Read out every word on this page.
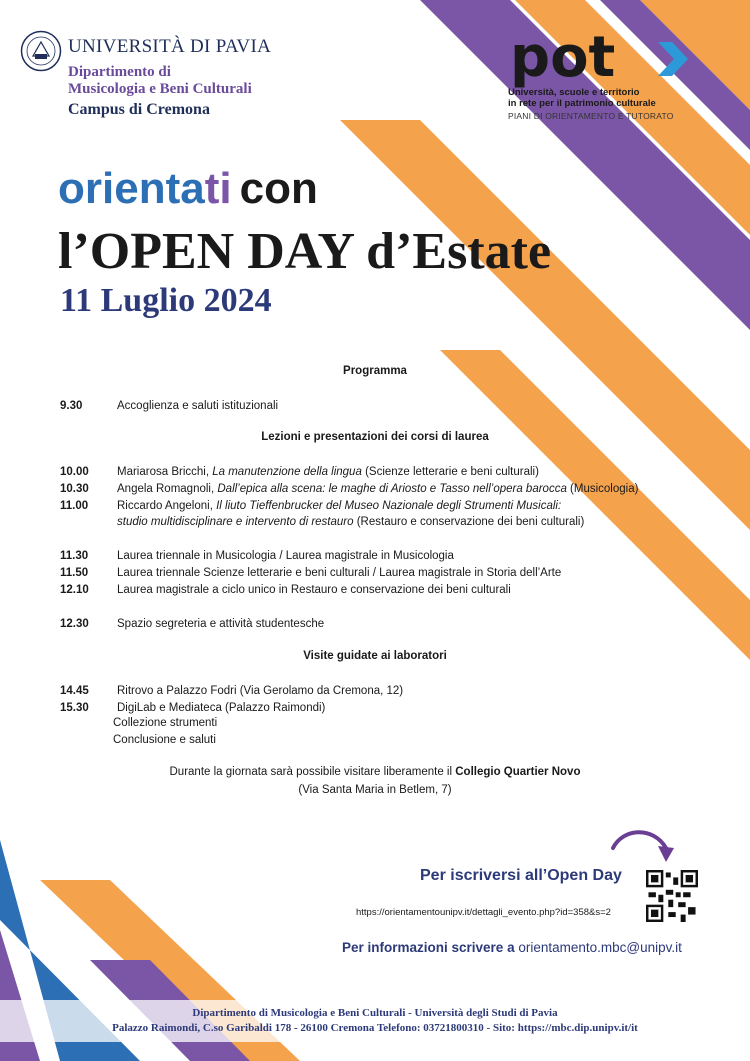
UNIVERSITÀ DI PAVIA
Dipartimento di
Musicologia e Beni Culturali
Campus di Cremona
pot
Università, scuole e territorio
in rete per il patrimonio culturale
PIANI DI ORIENTAMENTO E TUTORATO
orientati con
l’OPEN DAY d’Estate
11 Luglio 2024
Programma
9.30	Accoglienza e saluti istituzionali
Lezioni e presentazioni dei corsi di laurea
10.00 Mariarosa Bricchi, La manutenzione della lingua (Scienze letterarie e beni culturali)
10.30 Angela Romagnoli, Dall’epica alla scena: le maghe di Ariosto e Tasso nell’opera barocca (Musicologia)
11.00	Riccardo Angeloni, Il liuto Tieffenbrucker del Museo Nazionale degli Strumenti Musicali:
studio multidisciplinare e intervento di restauro (Restauro e conservazione dei beni culturali)
11.30	Laurea triennale in Musicologia / Laurea magistrale in Musicologia
11.50	Laurea triennale Scienze letterarie e beni culturali / Laurea magistrale in Storia dell’Arte
12.10 Laurea magistrale a ciclo unico in Restauro e conservazione dei beni culturali
12.30 Spazio segreteria e attività studentesche
Visite guidate ai laboratori
14.45 Ritrovo a Palazzo Fodri (Via Gerolamo da Cremona, 12)
15.30 DigiLab e Mediateca (Palazzo Raimondi)
Collezione strumenti
Conclusione e saluti
Durante la giornata sarà possibile visitare liberamente il Collegio Quartier Novo
(Via Santa Maria in Betlem, 7)
Per iscriversi all’Open Day
https://orientamentounipv.it/dettagli_evento.php?id=358&s=2
Per informazioni scrivere a orientamento.mbc@unipv.it
Dipartimento di Musicologia e Beni Culturali - Università degli Studi di Pavia
Palazzo Raimondi, C.so Garibaldi 178 - 26100 Cremona Telefono: 03721800310 - Sito: https://mbc.dip.unipv.it/it
